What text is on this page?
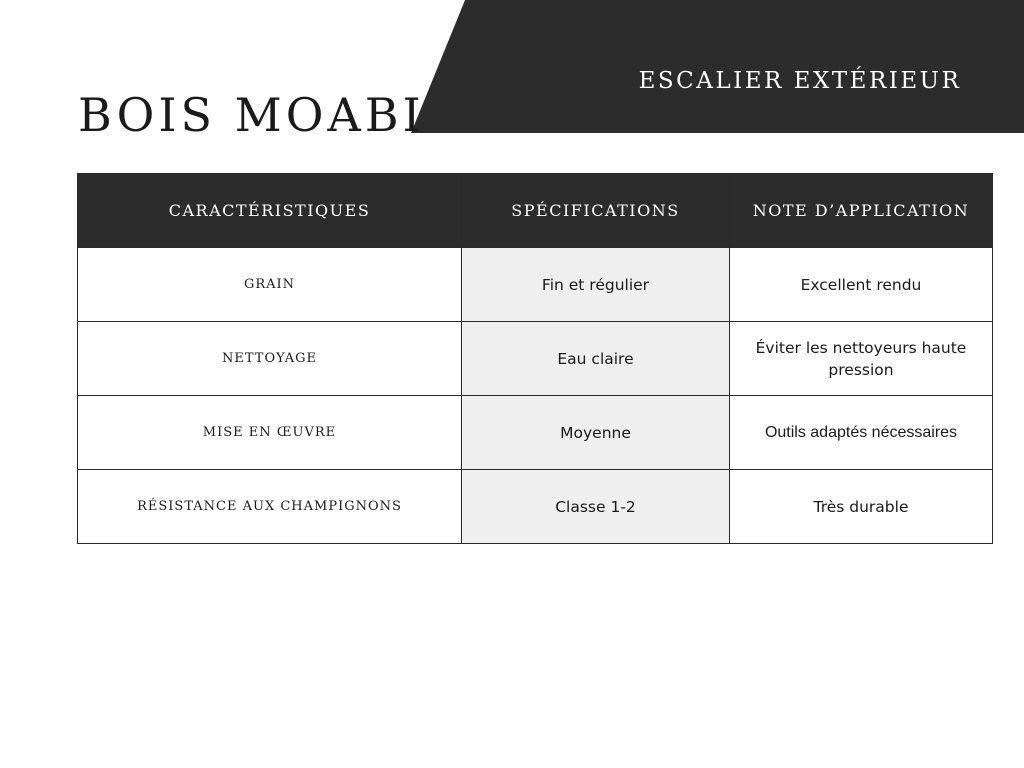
ESCALIER EXTÉRIEUR
BOIS MOABI
CARACTÉRISTIQUES	SPÉCIFICATIONS	NOTE D’APPLICATION
GRAIN	Fin et régulier	Excellent rendu
NETTOYAGE	Eau claire	Éviter les nettoyeurs haute pression
MISE EN ŒUVRE	Moyenne	Outils adaptés nécessaires
RÉSISTANCE AUX CHAMPIGNONS	Classe 1-2	Très durable
